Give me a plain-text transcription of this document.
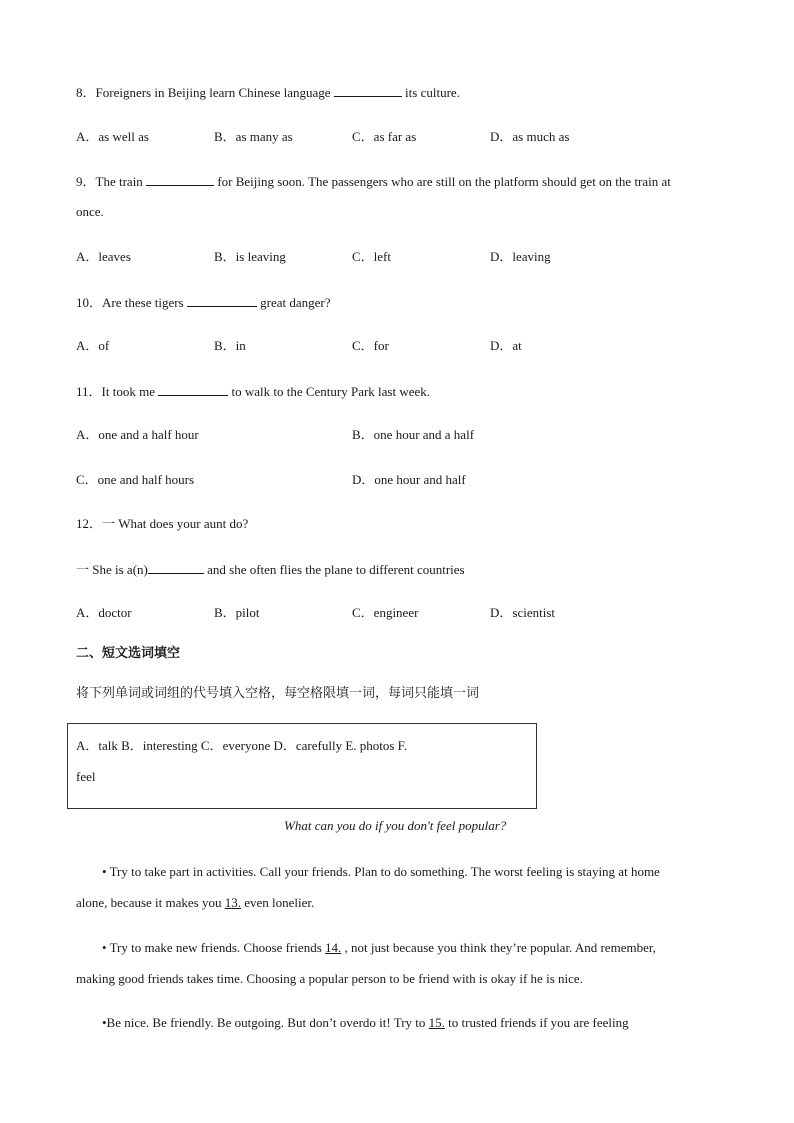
8．Foreigners in Beijing learn Chinese language	its culture.
A．as well as	B．as many as	C．as far as	D．as much as
9．The train	for Beijing soon. The passengers who are still on the platform should get on the train at
once.
A．leaves	B．is leaving	C．left	D．leaving
10．Are these tigers	great danger?
A．of	B．in	C．for	D．at
11．It took me	to walk to the Century Park last week.
A．one and a half hour	B．one hour and a half
C．one and half hours	D．one hour and half
12．一 What does your aunt do?
一 She is a(n)	and she often flies the plane to different countries
A．doctor	B．pilot	C．engineer	D．scientist
二、短文选词填空
将下列单词或词组的代号填入空格，每空格限填一词，每词只能填一词
A．talk B．interesting C．everyone D．carefully E. photos F.
feel
What can you do if you don't feel popular?
• Try to take part in activities. Call your friends. Plan to do something. The worst feeling is staying at home
alone, because it makes you 13. even lonelier.
• Try to make new friends. Choose friends 14. , not just because you think they’re popular. And remember,
making good friends takes time. Choosing a popular person to be friend with is okay if he is nice.
•Be nice. Be friendly. Be outgoing. But don’t overdo it! Try to 15. to trusted friends if you are feeling
